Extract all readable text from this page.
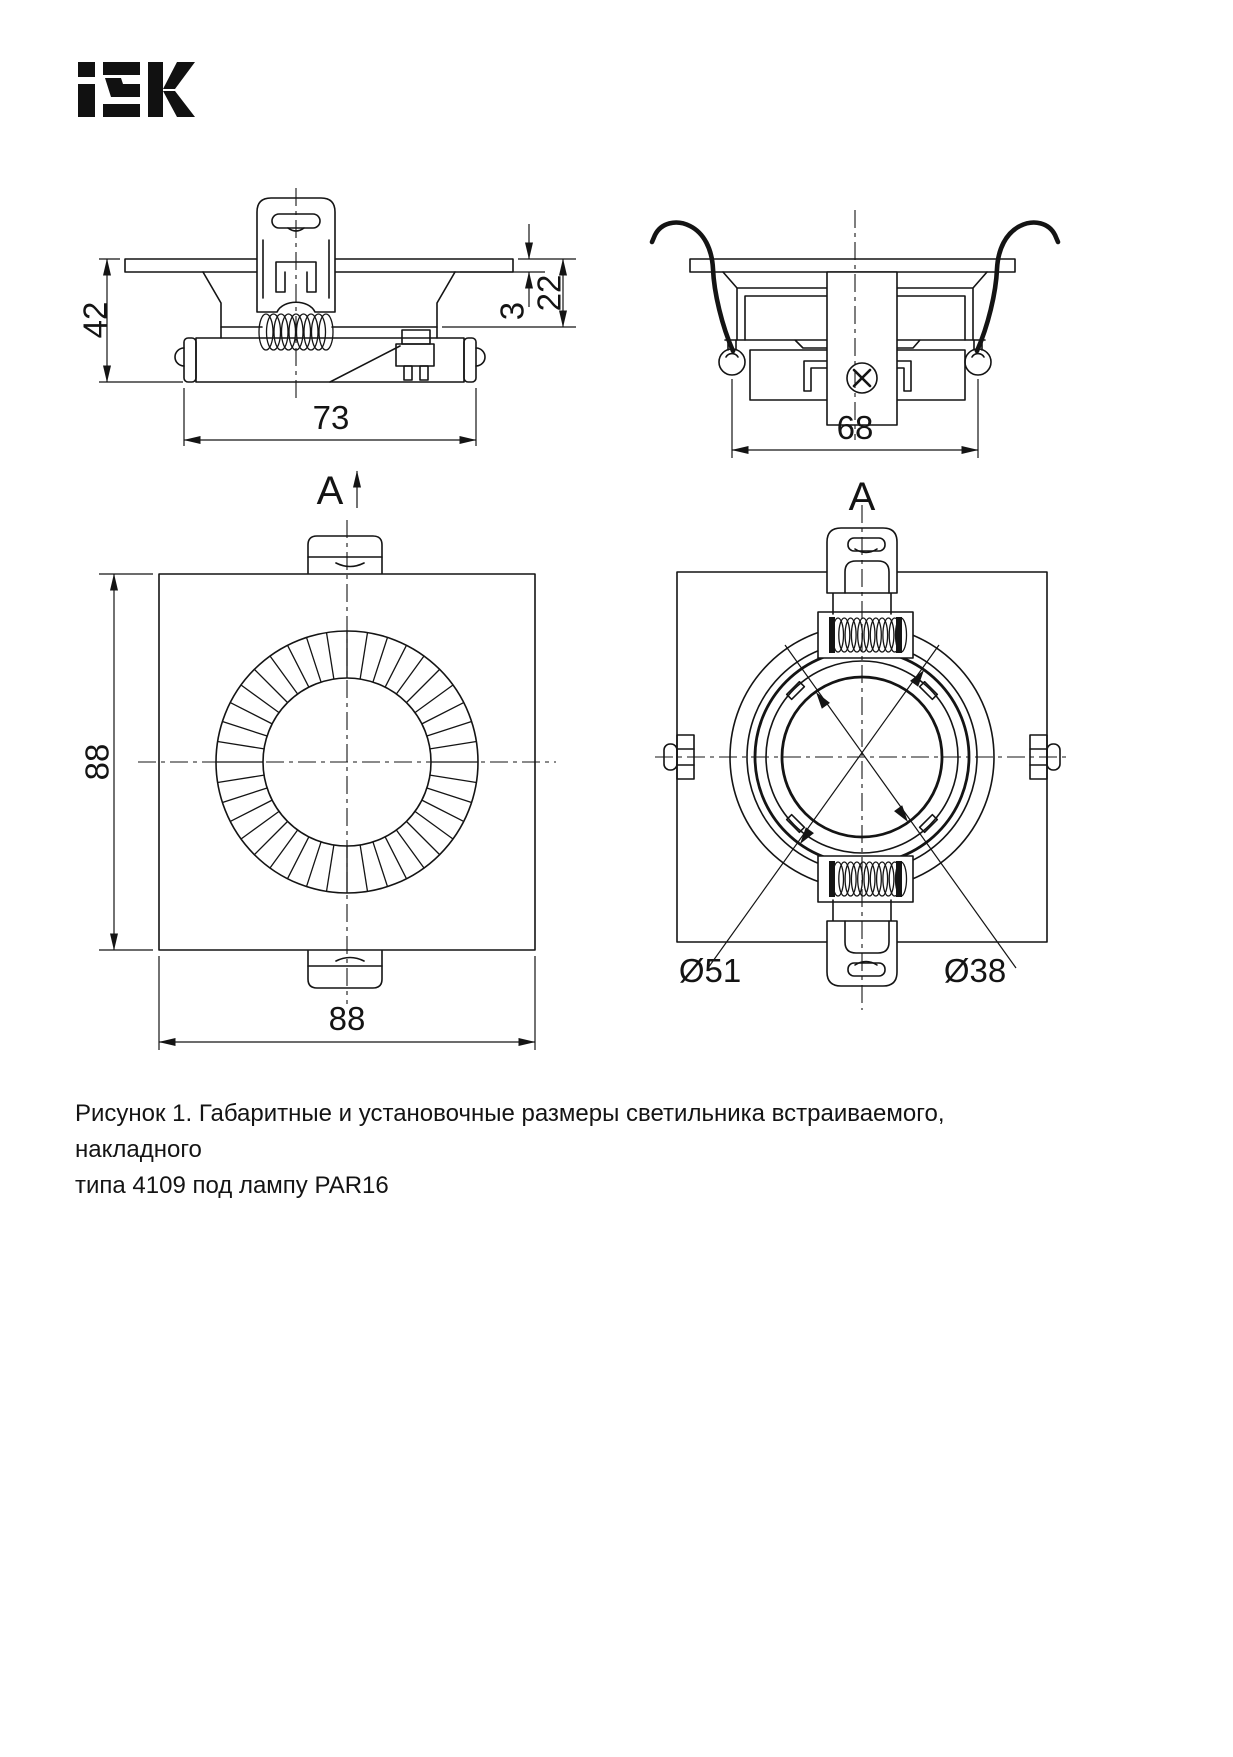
42	3 22
73	68
A
88
88
A
Ø51	Ø38
Рисунок 1. Габаритные и установочные размеры светильника встраиваемого, накладного
типа 4109 под лампу PAR16
